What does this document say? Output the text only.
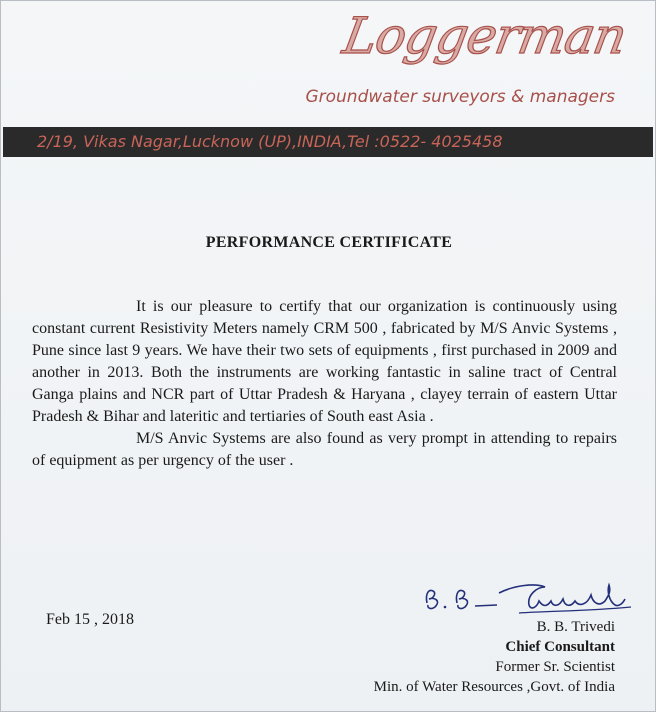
Loggerman
Groundwater surveyors & managers
2/19, Vikas Nagar,Lucknow (UP),INDIA,Tel :0522- 4025458
PERFORMANCE CERTIFICATE

It is our pleasure to certify that our organization is continuously using constant current Resistivity Meters namely CRM 500 , fabricated by M/S Anvic Systems , Pune since last 9 years. We have their two sets of equipments , first purchased in 2009 and another in 2013. Both the instruments are working fantastic in saline tract of Central Ganga plains and NCR part of Uttar Pradesh & Haryana , clayey terrain of eastern Uttar Pradesh & Bihar and lateritic and tertiaries of South east Asia .

M/S Anvic Systems are also found as very prompt in attending to repairs of equipment as per urgency of the user .

Feb 15 , 2018	B. B. Trivedi
Chief Consultant
Former Sr. Scientist
Min. of Water Resources ,Govt. of India
